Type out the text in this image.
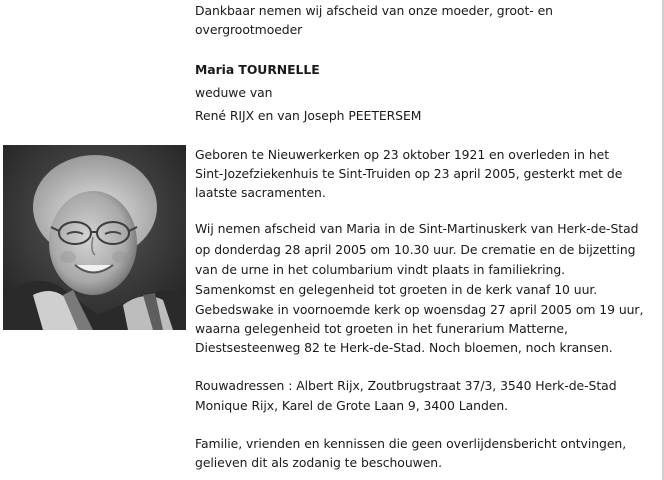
Dankbaar nemen wij afscheid van onze moeder, groot- en
overgrootmoeder
Maria TOURNELLE
weduwe van
René RIJX en van Joseph PEETERSEM
Geboren te Nieuwerkerken op 23 oktober 1921 en overleden in het
Sint-Jozefziekenhuis te Sint-Truiden op 23 april 2005, gesterkt met de
laatste sacramenten.
Wij nemen afscheid van Maria in de Sint-Martinuskerk van Herk-de-Stad
op donderdag 28 april 2005 om 10.30 uur. De crematie en de bijzetting
van de urne in het columbarium vindt plaats in familiekring.
Samenkomst en gelegenheid tot groeten in de kerk vanaf 10 uur.
Gebedswake in voornoemde kerk op woensdag 27 april 2005 om 19 uur,
waarna gelegenheid tot groeten in het funerarium Matterne,
Diestsesteenweg 82 te Herk-de-Stad. Noch bloemen, noch kransen.
Rouwadressen : Albert Rijx, Zoutbrugstraat 37/3, 3540 Herk-de-Stad
Monique Rijx, Karel de Grote Laan 9, 3400 Landen.
Familie, vrienden en kennissen die geen overlijdensbericht ontvingen,
gelieven dit als zodanig te beschouwen.
